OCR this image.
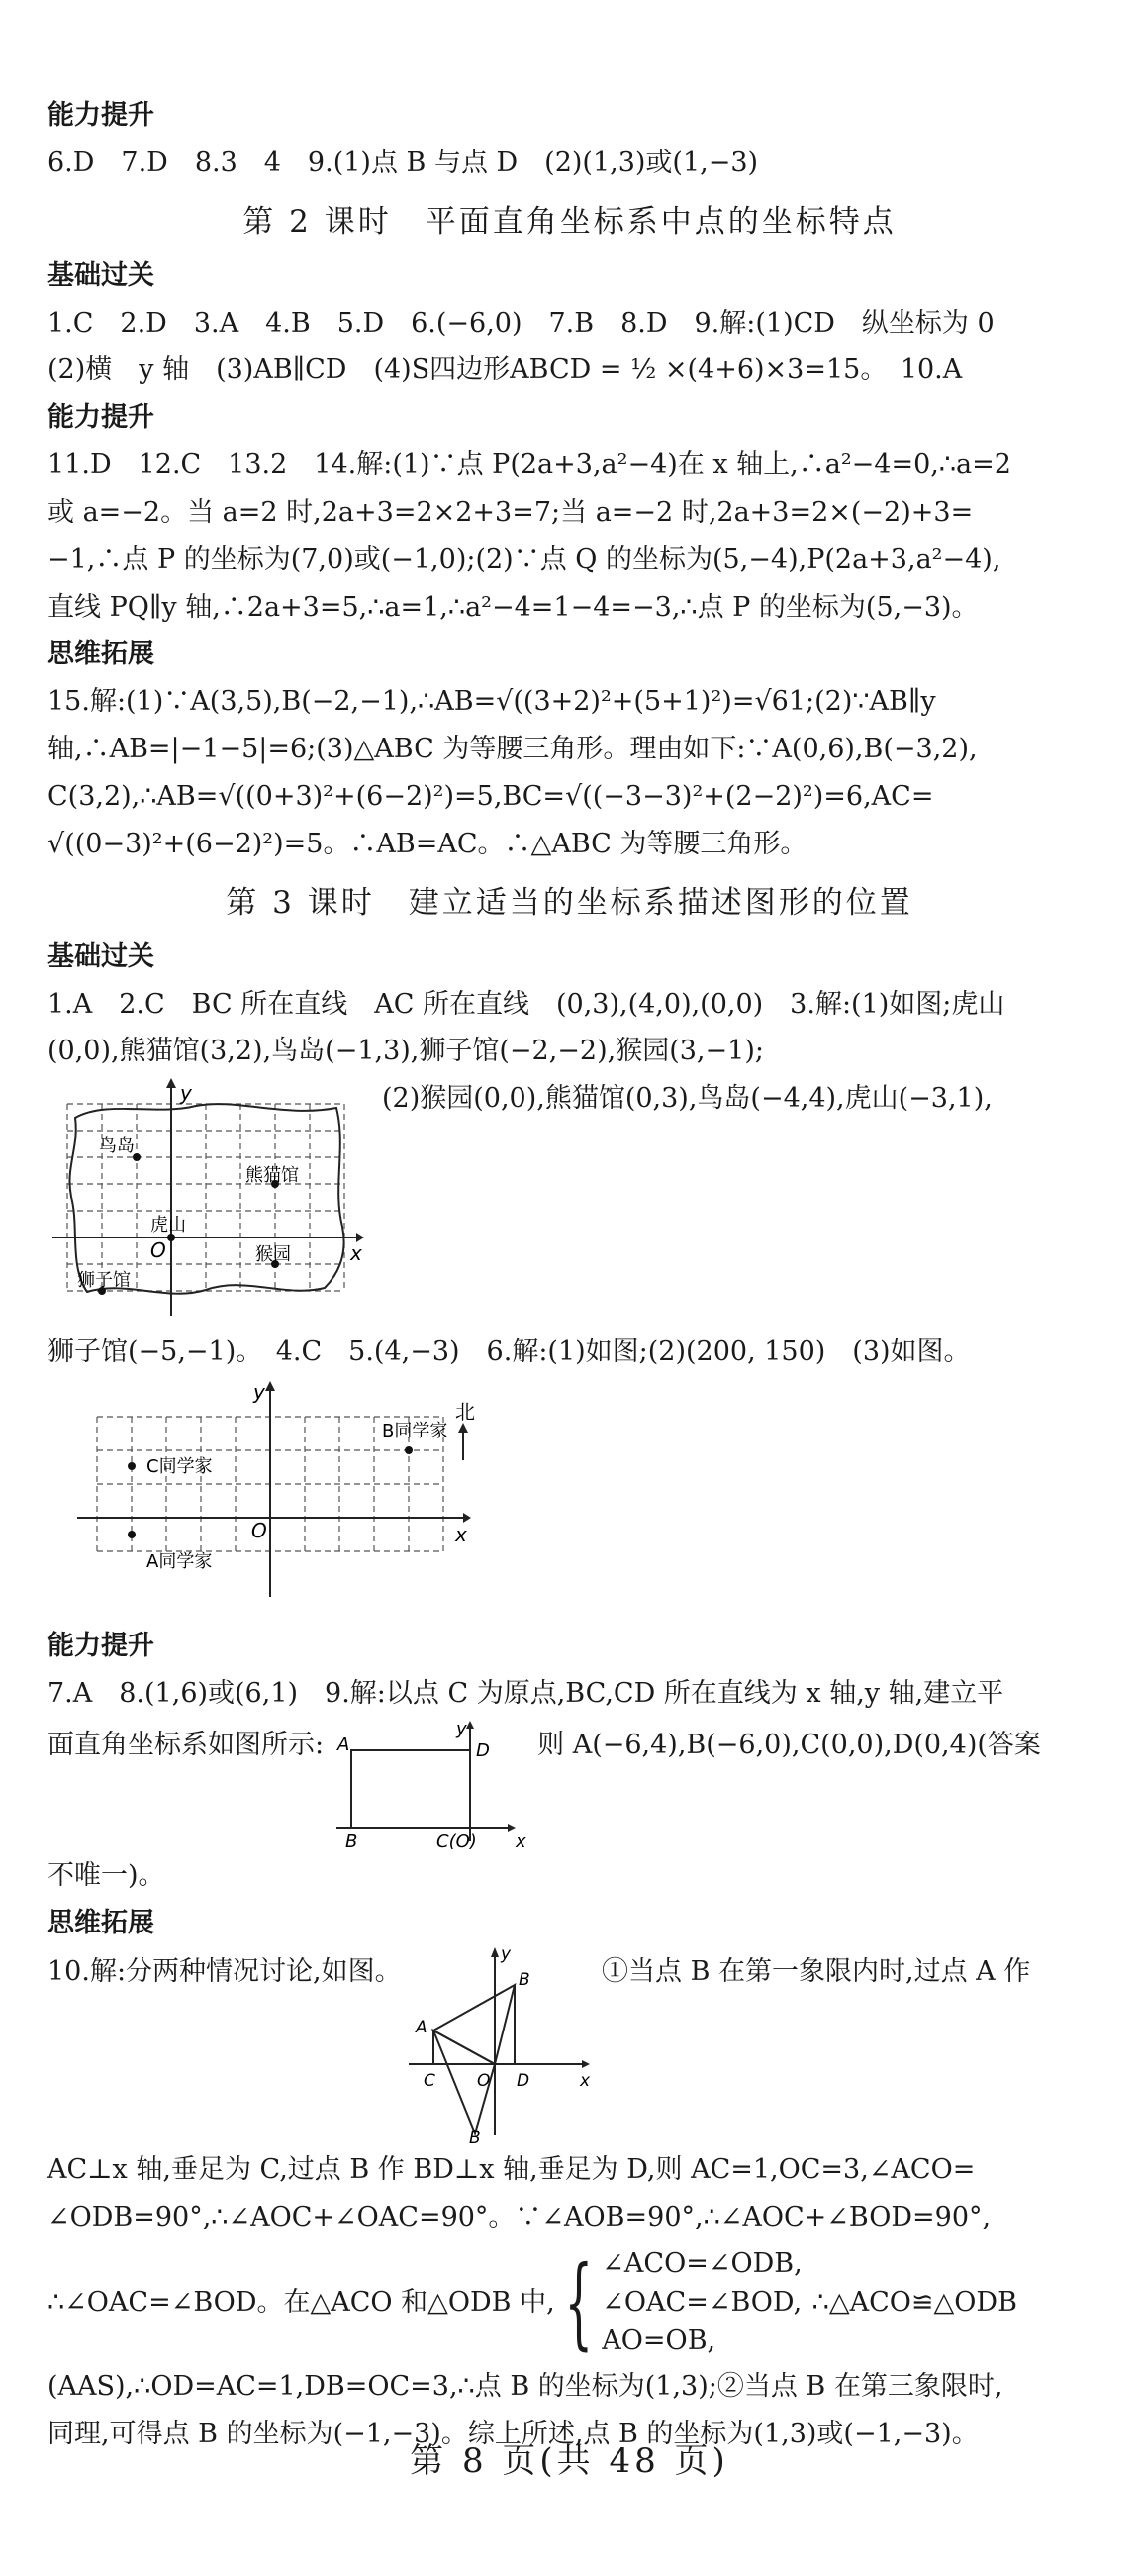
能力提升
6.D　7.D　8.3　4　9.(1)点 B 与点 D　(2)(1,3)或(1,−3)
第 2 课时　平面直角坐标系中点的坐标特点
基础过关
1.C　2.D　3.A　4.B　5.D　6.(−6,0)　7.B　8.D　9.解:(1)CD　纵坐标为 0
(2)横　y 轴　(3)AB∥CD　(4)S四边形ABCD = ½ ×(4+6)×3=15。　10.A
能力提升
11.D　12.C　13.2　14.解:(1)∵点 P(2a+3,a²−4)在 x 轴上,∴a²−4=0,∴a=2
或 a=−2。当 a=2 时,2a+3=2×2+3=7;当 a=−2 时,2a+3=2×(−2)+3=
−1,∴点 P 的坐标为(7,0)或(−1,0);(2)∵点 Q 的坐标为(5,−4),P(2a+3,a²−4),
直线 PQ∥y 轴,∴2a+3=5,∴a=1,∴a²−4=1−4=−3,∴点 P 的坐标为(5,−3)。
思维拓展
15.解:(1)∵A(3,5),B(−2,−1),∴AB=√((3+2)²+(5+1)²)=√61;(2)∵AB∥y
轴,∴AB=|−1−5|=6;(3)△ABC 为等腰三角形。理由如下:∵A(0,6),B(−3,2),
C(3,2),∴AB=√((0+3)²+(6−2)²)=5,BC=√((−3−3)²+(2−2)²)=6,AC=
√((0−3)²+(6−2)²)=5。∴AB=AC。∴△ABC 为等腰三角形。
第 3 课时　建立适当的坐标系描述图形的位置
基础过关
1.A　2.C　BC 所在直线　AC 所在直线　(0,3),(4,0),(0,0)　3.解:(1)如图;虎山
(0,0),熊猫馆(3,2),鸟岛(−1,3),狮子馆(−2,−2),猴园(3,−1);
y
x
O
鸟岛
熊猫馆
虎山
猴园
狮子馆
(2)猴园(0,0),熊猫馆(0,3),鸟岛(−4,4),虎山(−3,1),
狮子馆(−5,−1)。　4.C　5.(4,−3)　6.解:(1)如图;(2)(200, 150)　(3)如图。
y
x
O
B同学家
C同学家
A同学家
北
能力提升
7.A　8.(1,6)或(6,1)　9.解:以点 C 为原点,BC,CD 所在直线为 x 轴,y 轴,建立平
面直角坐标系如图所示: A
y
D
B	C(O) x
则 A(−6,4),B(−6,0),C(0,0),D(0,4)(答案
不唯一)。
思维拓展
10.解:分两种情况讨论,如图。
y
B
A
C O D	x
B
①当点 B 在第一象限内时,过点 A 作
AC⊥x 轴,垂足为 C,过点 B 作 BD⊥x 轴,垂足为 D,则 AC=1,OC=3,∠ACO=
∠ODB=90°,∴∠AOC+∠OAC=90°。∵∠AOB=90°,∴∠AOC+∠BOD=90°,
∴∠OAC=∠BOD。在△ACO 和△ODB 中, { ∠ACO=∠ODB,
∠OAC=∠BOD,
AO=OB,
∴△ACO≌△ODB
(AAS),∴OD=AC=1,DB=OC=3,∴点 B 的坐标为(1,3);②当点 B 在第三象限时,
同理,可得点 B 的坐标为(−1,−3)。综上所述,点 B 的坐标为(1,3)或(−1,−3)。
第 8 页(共 48 页)
